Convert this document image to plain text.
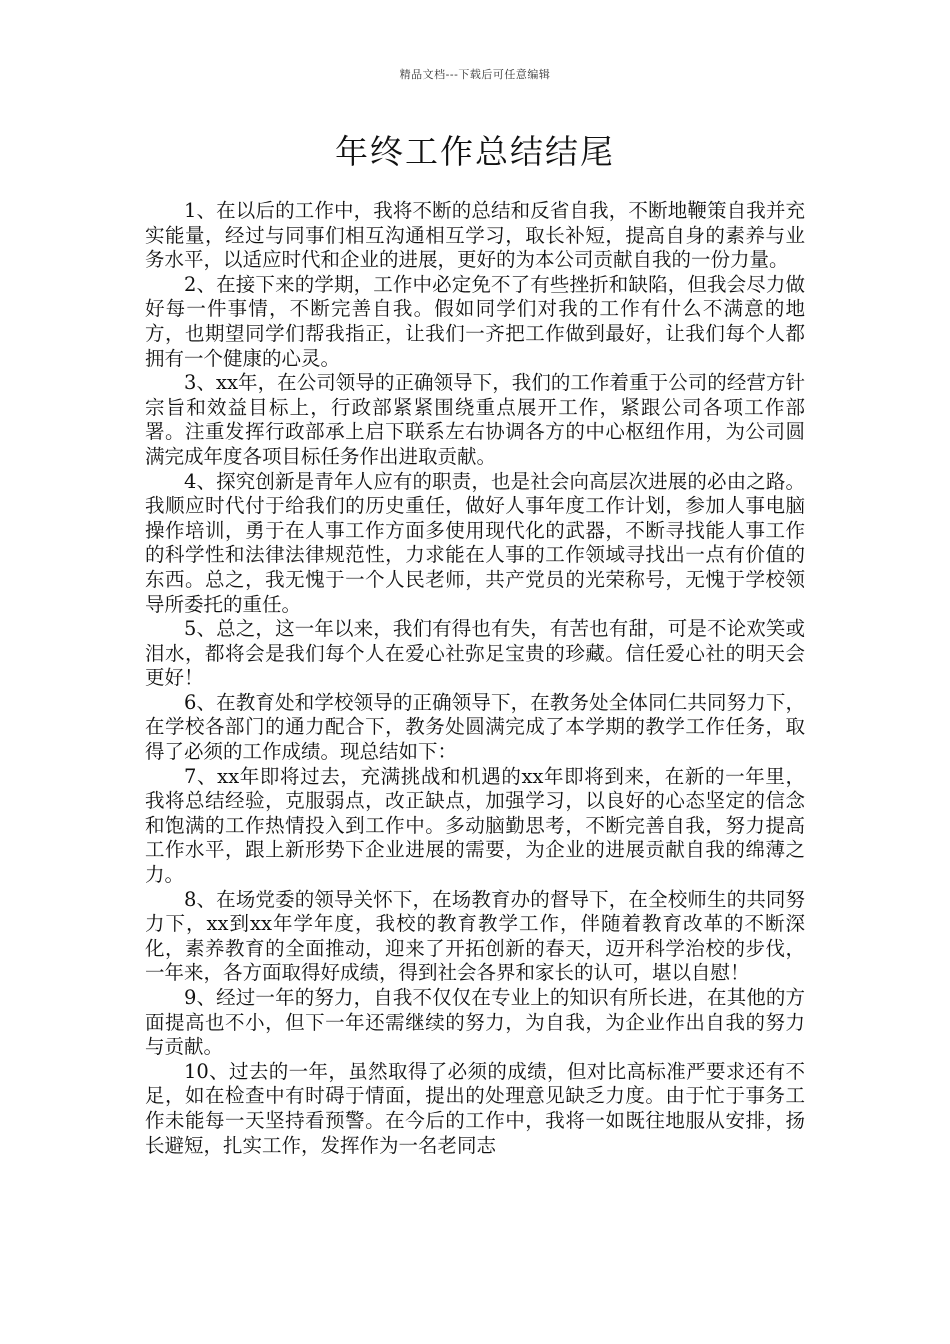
精品文档---下载后可任意编辑
年终工作总结结尾

1、在以后的工作中，我将不断的总结和反省自我，不断地鞭策自我并充实能量，经过与同事们相互沟通相互学习，取长补短，提高自身的素养与业务水平，以适应时代和企业的进展，更好的为本公司贡献自我的一份力量。

2、在接下来的学期，工作中必定免不了有些挫折和缺陷，但我会尽力做好每一件事情，不断完善自我。假如同学们对我的工作有什么不满意的地方，也期望同学们帮我指正，让我们一齐把工作做到最好，让我们每个人都拥有一个健康的心灵。

3、xx年，在公司领导的正确领导下，我们的工作着重于公司的经营方针宗旨和效益目标上，行政部紧紧围绕重点展开工作，紧跟公司各项工作部署。注重发挥行政部承上启下联系左右协调各方的中心枢纽作用，为公司圆满完成年度各项目标任务作出进取贡献。

4、探究创新是青年人应有的职责，也是社会向高层次进展的必由之路。我顺应时代付于给我们的历史重任，做好人事年度工作计划，参加人事电脑操作培训，勇于在人事工作方面多使用现代化的武器，不断寻找能人事工作的科学性和法律法律规范性，力求能在人事的工作领域寻找出一点有价值的东西。总之，我无愧于一个人民老师，共产党员的光荣称号，无愧于学校领导所委托的重任。

5、总之，这一年以来，我们有得也有失，有苦也有甜，可是不论欢笑或泪水，都将会是我们每个人在爱心社弥足宝贵的珍藏。信任爱心社的明天会更好！

6、在教育处和学校领导的正确领导下，在教务处全体同仁共同努力下，在学校各部门的通力配合下，教务处圆满完成了本学期的教学工作任务，取得了必须的工作成绩。现总结如下：

7、xx年即将过去，充满挑战和机遇的xx年即将到来，在新的一年里，我将总结经验，克服弱点，改正缺点，加强学习，以良好的心态坚定的信念和饱满的工作热情投入到工作中。多动脑勤思考，不断完善自我，努力提高工作水平，跟上新形势下企业进展的需要，为企业的进展贡献自我的绵薄之力。

8、在场党委的领导关怀下，在场教育办的督导下，在全校师生的共同努力下，xx到xx年学年度，我校的教育教学工作，伴随着教育改革的不断深化，素养教育的全面推动，迎来了开拓创新的春天，迈开科学治校的步伐，一年来，各方面取得好成绩，得到社会各界和家长的认可，堪以自慰！

9、经过一年的努力，自我不仅仅在专业上的知识有所长进，在其他的方面提高也不小，但下一年还需继续的努力，为自我，为企业作出自我的努力与贡献。

10、过去的一年，虽然取得了必须的成绩，但对比高标准严要求还有不足，如在检查中有时碍于情面，提出的处理意见缺乏力度。由于忙于事务工作未能每一天坚持看预警。在今后的工作中，我将一如既往地服从安排，扬长避短，扎实工作，发挥作为一名老同志
